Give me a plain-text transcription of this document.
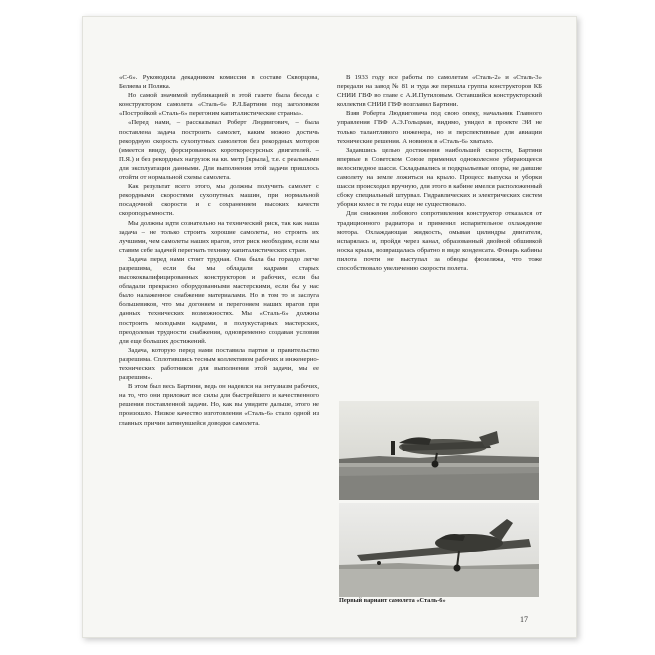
«С-6». Руководила декадником комиссия в составе Скворцова, Беляева и Поляка.

Но самой значимой публикацией в этой газете была беседа с конструктором самолета «Сталь-6» Р.Л.Бартини под заголовком «Постройкой «Сталь-6» перегоним капиталистические страны».

«Перед нами, – рассказывал Роберт Людвигович, – была поставлена задача построить самолет, каким можно достичь рекордную скорость сухопутных самолетов без рекордных моторов (имеется ввиду, форсированных короткоресурсных двигателей. – П.Я.) и без рекордных нагрузок на кв. метр [крыла], т.е. с реальными для эксплуатации данными. Для выполнения этой задачи пришлось отойти от нормальной схемы самолета.

Как результат всего этого, мы должны получить самолет с рекордными скоростями сухопутных машин, при нормальной посадочной скорости и с сохранением высоких качеств скороподъемности.

Мы должны идти сознательно на технический риск, так как наша задача – не только строить хорошие самолеты, но строить их лучшими, чем самолеты наших врагов, этот риск необходим, если мы ставим себе задачей перегнать технику капиталистических стран.

Задача перед нами стоит трудная. Она была бы гораздо легче разрешима, если бы мы обладали кадрами старых высококвалифицированных конструкторов и рабочих, если бы обладали прекрасно оборудованными мастерскими, если бы у нас было налаженное снабжение материалами. Но в том то и заслуга большевиков, что мы догоняем и перегоняем наших врагов при данных технических возможностях. Мы «Сталь-6» должны построить молодыми кадрами, в полукустарных мастерских, преодолевая трудности снабжения, одновременно создавая условия для еще больших достижений.

Задача, которую перед нами поставила партия и правительство разрешима. Сплотившись тесным коллективом рабочих и инженерно-технических работников для выполнения этой задачи, мы ее разрешим».

В этом был весь Бартини, ведь он надеялся на энтузиазм рабочих, на то, что они приложат все силы для быстрейшего и качественного решения поставленной задачи. Но, как вы увидите дальше, этого не произошло. Низкое качество изготовления «Сталь-6» стало одной из главных причин затянувшейся доводки самолета.

В 1933 году все работы по самолетам «Сталь-2» и «Сталь-3» передали на завод № 81 и туда же перешла группа конструкторов КБ СНИИ ГВФ во главе с А.И.Путиловым. Оставшийся конструкторский коллектив СНИИ ГВФ возглавил Бартини.

Взяв Роберта Людвиговича под свою опеку, начальник Главного управления ГВФ А.Э.Гольцман, видимо, увидел в проекте ЭИ не только талантливого инженера, но и перспективные для авиации технические решения. А новинок в «Сталь-6» хватало.

Задавшись целью достижения наибольшей скорости, Бартини впервые в Советском Союзе применил одноколесное убирающееся велосипедное шасси. Складывались и подкрыльевые опоры, не давшие самолету на земле ложиться на крыло. Процесс выпуска и уборки шасси происходил вручную, для этого в кабине имелся расположенный сбоку специальный штурвал. Гидравлических и электрических систем уборки колес в те годы еще не существовало.

Для снижения лобового сопротивления конструктор отказался от традиционного радиатора и применил испарительное охлаждение мотора. Охлаждающая жидкость, омывая цилиндры двигателя, испарялась и, пройдя через канал, образованный двойной обшивкой носка крыла, возвращалась обратно в виде конденсата. Фонарь кабины пилота почти не выступал за обводы фюзеляжа, что тоже способствовало увеличению скорости полета.

Первый вариант самолета «Сталь-6»
17
